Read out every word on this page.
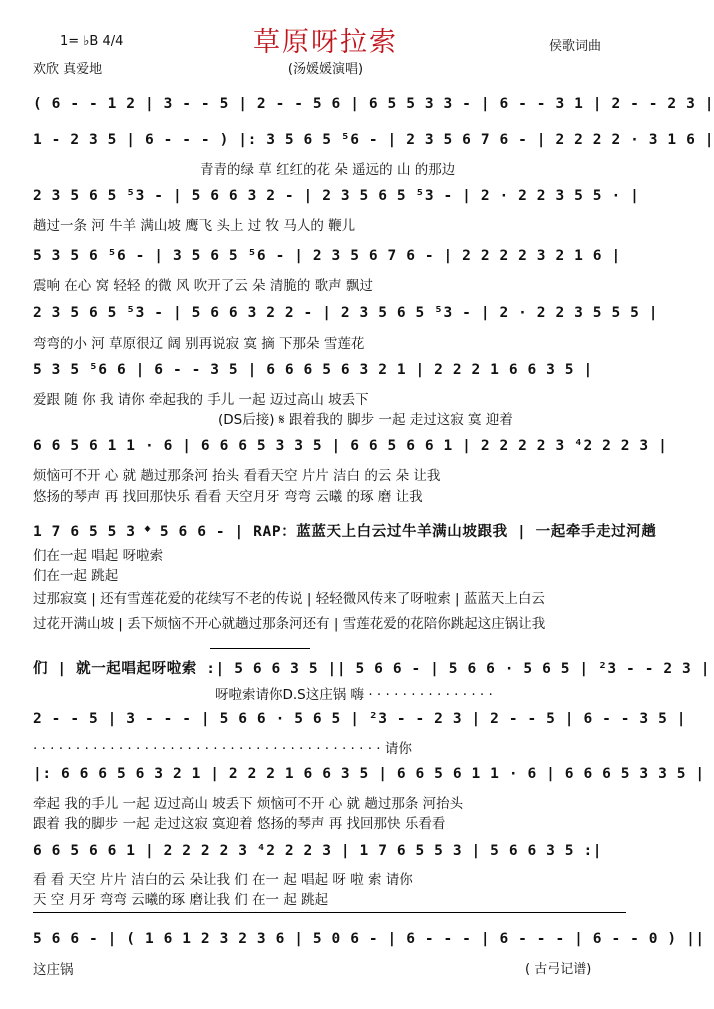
草原呀拉索
(汤媛媛演唱)
1= ♭B 4/4
欢欣 真爱地
侯歌词曲
( 6 - - 1 2 | 3 - - 5 | 2 - - 5 6 | 6 5 5 3 3 - | 6 - - 3 1 | 2 - - 2 3 |
1 - 2 3 5 | 6 - - - ) |: 3 5 6 5 ⁵6 - | 2 3 5 6 7 6 - | 2 2 2 2 · 3 1 6 |
青青的绿 草 红红的花 朵 遥远的 山 的那边
2 3 5 6 5 ⁵3 - | 5 6 6 3 2 - | 2 3 5 6 5 ⁵3 - | 2 · 2 2 3 5 5 · |
趟过一条 河 牛羊 满山坡 鹰飞 头上 过 牧 马人的 鞭儿
5 3 5 6 ⁵6 - | 3 5 6 5 ⁵6 - | 2 3 5 6 7 6 - | 2 2 2 2 3 2 1 6 |
震响 在心 窝 轻轻 的微 风 吹开了云 朵 清脆的 歌声 飘过
2 3 5 6 5 ⁵3 - | 5 6 6 3 2 2 - | 2 3 5 6 5 ⁵3 - | 2 · 2 2 3 5 5 5 |
弯弯的小 河 草原很辽 阔 别再说寂 寞 摘 下那朵 雪莲花
5 3 5 ⁵6 6 | 6 - - 3 5 | 6 6 6 5 6 3 2 1 | 2 2 2 1 6 6 3 5 |
爱跟 随 你 我 请你 牵起我的 手儿 一起 迈过高山 坡丢下
(DS后接) 𝄋 跟着我的 脚步 一起 走过这寂 寞 迎着
6 6 5 6 1 1 · 6 | 6 6 6 5 3 3 5 | 6 6 5 6 6 1 | 2 2 2 2 3 ⁴2 2 2 3 |
烦恼可不开 心 就 趟过那条河 抬头 看看天空 片片 洁白 的云 朵 让我
悠扬的琴声 再 找回那快乐 看看 天空月牙 弯弯 云曦 的琢 磨 让我
1 7 6 5 5 3 𝄌 5 6 6 - | RAP：蓝蓝天上白云过牛羊满山坡跟我 | 一起牵手走过河趟
们在一起 唱起 呀啦索
们在一起 跳起
过那寂寞 | 还有雪莲花爱的花续写不老的传说 | 轻轻微风传来了呀啦索 | 蓝蓝天上白云
过花开满山坡 | 丢下烦恼不开心就趟过那条河还有 | 雪莲花爱的花陪你跳起这庄锅让我
们 | 就一起唱起呀啦索 :| 5 6 6 3 5 || 5 6 6 - | 5 6 6 · 5 6 5 | ²3 - - 2 3 |
呀啦索请你D.S这庄锅 嗨 · · · · · · · · · · · · · · ·
2 - - 5 | 3 - - - | 5 6 6 · 5 6 5 | ²3 - - 2 3 | 2 - - 5 | 6 - - 3 5 |
· · · · · · · · · · · · · · · · · · · · · · · · · · · · · · · · · · · · · · · · · 请你
|: 6 6 6 5 6 3 2 1 | 2 2 2 1 6 6 3 5 | 6 6 5 6 1 1 · 6 | 6 6 6 5 3 3 5 |
牵起 我的手儿 一起 迈过高山 坡丢下 烦恼可不开 心 就 趟过那条 河抬头
跟着 我的脚步 一起 走过这寂 寞迎着 悠扬的琴声 再 找回那快 乐看看
6 6 5 6 6 1 | 2 2 2 2 3 ⁴2 2 2 3 | 1 7 6 5 5 3 | 5 6 6 3 5 :|
看 看 天空 片片 洁白的云 朵让我 们 在一 起 唱起 呀 啦 索 请你
天 空 月牙 弯弯 云曦的琢 磨让我 们 在一 起 跳起
5 6 6 - | ( 1 6 1 2 3 2 3 6 | 5 0 6 - | 6 - - - | 6 - - - | 6 - - 0 ) ||
这庄锅	( 古弓记谱)
